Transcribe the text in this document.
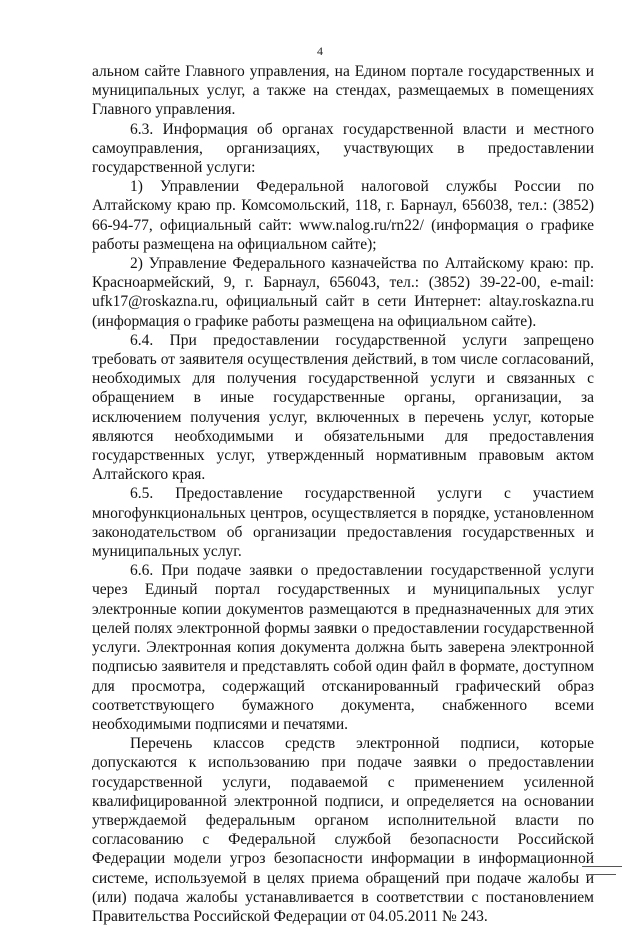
4

альном сайте Главного управления, на Едином портале государственных и муниципальных услуг, а также на стендах, размещаемых в помещениях Главного управления.

6.3. Информация об органах государственной власти и местного самоуправления, организациях, участвующих в предоставлении государственной услуги:

1) Управлении Федеральной налоговой службы России по Алтайскому краю пр. Комсомольский, 118, г. Барнаул, 656038, тел.: (3852) 66-94-77, официальный сайт: www.nalog.ru/rn22/ (информация о графике работы размещена на официальном сайте);

2) Управление Федерального казначейства по Алтайскому краю: пр. Красноармейский, 9, г. Барнаул, 656043, тел.: (3852) 39-22-00, e-mail: ufk17@roskazna.ru, официальный сайт в сети Интернет: altay.roskazna.ru (информация о графике работы размещена на официальном сайте).

6.4. При предоставлении государственной услуги запрещено требовать от заявителя осуществления действий, в том числе согласований, необходимых для получения государственной услуги и связанных с обращением в иные государственные органы, организации, за исключением получения услуг, включенных в перечень услуг, которые являются необходимыми и обязательными для предоставления государственных услуг, утвержденный нормативным правовым актом Алтайского края.

6.5. Предоставление государственной услуги с участием многофункциональных центров, осуществляется в порядке, установленном законодательством об организации предоставления государственных и муниципальных услуг.

6.6. При подаче заявки о предоставлении государственной услуги через Единый портал государственных и муниципальных услуг электронные копии документов размещаются в предназначенных для этих целей полях электронной формы заявки о предоставлении государственной услуги. Электронная копия документа должна быть заверена электронной подписью заявителя и представлять собой один файл в формате, доступном для просмотра, содержащий отсканированный графический образ соответствующего бумажного документа, снабженного всеми необходимыми подписями и печатями.

Перечень классов средств электронной подписи, которые допускаются к использованию при подаче заявки о предоставлении государственной услуги, подаваемой с применением усиленной квалифицированной электронной подписи, и определяется на основании утверждаемой федеральным органом исполнительной власти по согласованию с Федеральной службой безопасности Российской Федерации модели угроз безопасности информации в информационной системе, используемой в целях приема обращений при подаче жалобы и (или) подача жалобы устанавливается в соответствии с постановлением Правительства Российской Федерации от 04.05.2011 № 243.
